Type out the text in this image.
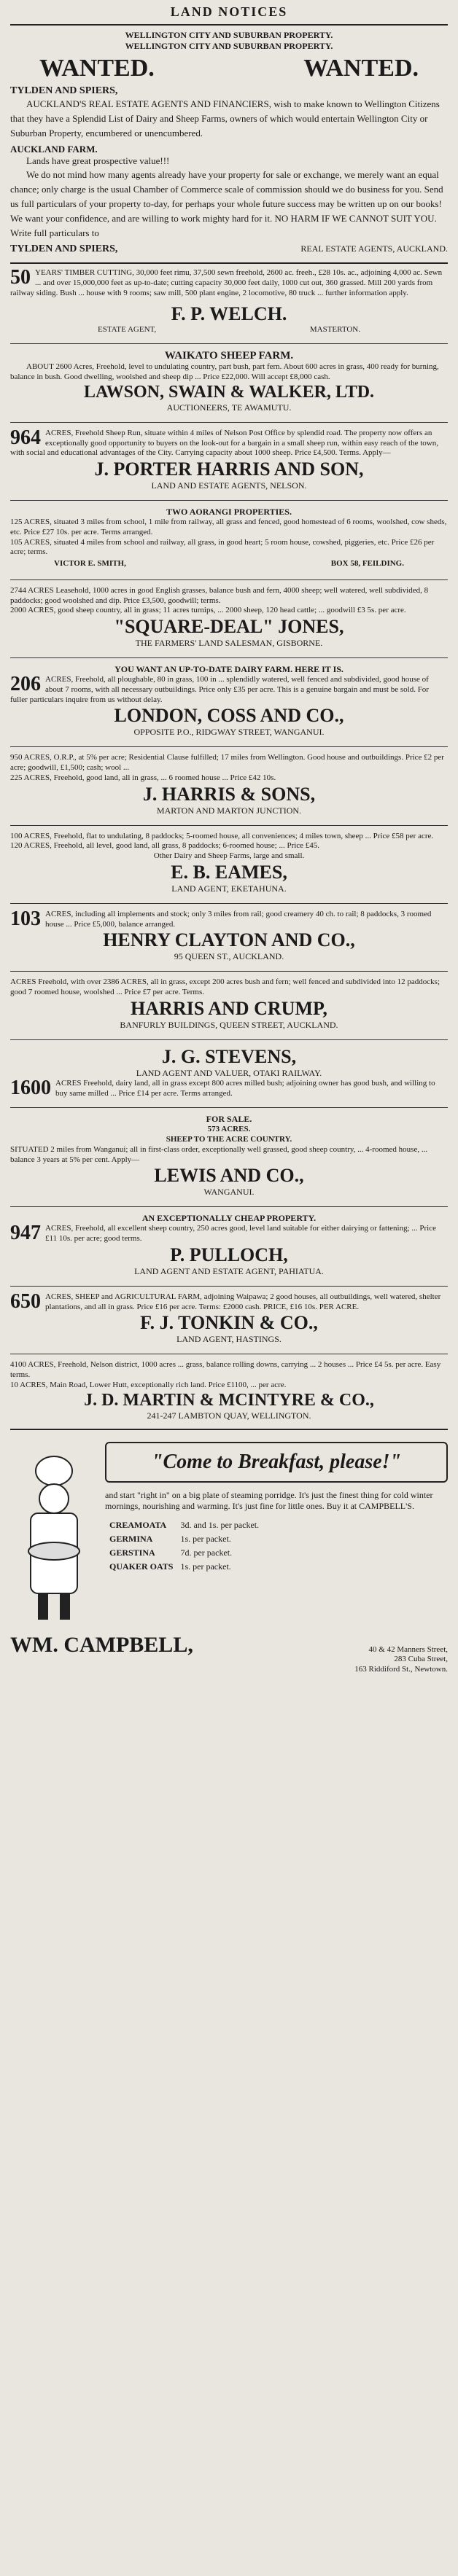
LAND NOTICES
WELLINGTON CITY AND SUBURBAN PROPERTY.
WELLINGTON CITY AND SUBURBAN PROPERTY.
WANTED.	WANTED.
TYLDEN AND SPIERS,
AUCKLAND'S REAL ESTATE AGENTS AND FINANCIERS, wish to make known to Wellington Citizens that they have a Splendid List of Dairy and Sheep Farms, owners of which would entertain Wellington City or Suburban Property, encumbered or unencumbered.
AUCKLAND FARM.
Lands have great prospective value!!!
We do not mind how many agents already have your property for sale or exchange, we merely want an equal chance; only charge is the usual Chamber of Commerce scale of commission should we do business for you. Send us full particulars of your property to-day, for perhaps your whole future success may be written up on our books! We want your confidence, and are willing to work mighty hard for it. NO HARM IF WE CANNOT SUIT YOU. Write full particulars to
TYLDEN AND SPIERS,	REAL ESTATE AGENTS, AUCKLAND.
50 YEARS' TIMBER CUTTING, 30,000 feet rimu, 37,500 sewn freehold, 2600 ac. freeh., £28 10s. ac., adjoining 4,000 ac. Sewn ... and over 15,000,000 feet as up-to-date; cutting capacity 30,000 feet daily, 1000 cut out, 360 grassed. Mill 200 yards from railway siding. Bush ... house with 9 rooms; saw mill, 500 plant engine, 2 locomotive, 80 truck ... further information apply.
F. P. WELCH.
ESTATE AGENT,	MASTERTON.
WAIKATO SHEEP FARM.
ABOUT 2600 Acres, Freehold, level to undulating country, part bush, part fern. About 600 acres in grass, 400 ready for burning, balance in bush. Good dwelling, woolshed and sheep dip ... Price £22,000. Will accept £8,000 cash.
LAWSON, SWAIN & WALKER, LTD.
AUCTIONEERS, TE AWAMUTU.
964 ACRES, Freehold Sheep Run, situate within 4 miles of Nelson Post Office by splendid road. The property now offers an exceptionally good opportunity to buyers on the look-out for a bargain in a small sheep run, within easy reach of the town, with social and educational advantages of the City. Carrying capacity about 1000 sheep. Price £4,500. Terms. Apply—
J. PORTER HARRIS AND SON,
LAND AND ESTATE AGENTS, NELSON.
TWO AORANGI PROPERTIES.
125 ACRES, situated 3 miles from school, 1 mile from railway, all grass and fenced, good homestead of 6 rooms, woolshed, cow sheds, etc. Price £27 10s. per acre. Terms arranged.
105 ACRES, situated 4 miles from school and railway, all grass, in good heart; 5 room house, cowshed, piggeries, etc. Price £26 per acre; terms.
VICTOR E. SMITH,	BOX 58, FEILDING.
2744 ACRES Leasehold, 1000 acres in good English grasses, balance bush and fern, 4000 sheep; well watered, well subdivided, 8 paddocks; good woolshed and dip. Price £3,500, goodwill; terms.
2000 ACRES, good sheep country, all in grass; 11 acres turnips, ... 2000 sheep, 120 head cattle; ... goodwill £3 5s. per acre.
"SQUARE-DEAL" JONES,
THE FARMERS' LAND SALESMAN, GISBORNE.
YOU WANT AN UP-TO-DATE DAIRY FARM. HERE IT IS.
206 ACRES, Freehold, all ploughable, 80 in grass, 100 in ... splendidly watered, well fenced and subdivided, good house of about 7 rooms, with all necessary outbuildings. Price only £35 per acre. This is a genuine bargain and must be sold. For fuller particulars inquire from us without delay.
LONDON, COSS AND CO.,
OPPOSITE P.O., RIDGWAY STREET, WANGANUI.
950 ACRES, O.R.P., at 5% per acre; Residential Clause fulfilled; 17 miles from Wellington. Good house and outbuildings. Price £2 per acre; goodwill, £1,500; cash; wool ...
225 ACRES, Freehold, good land, all in grass, ... 6 roomed house ... Price £42 10s.
J. HARRIS & SONS,
MARTON AND MARTON JUNCTION.
100 ACRES, Freehold, flat to undulating, 8 paddocks; 5-roomed house, all conveniences; 4 miles town, sheep ... Price £58 per acre.
120 ACRES, Freehold, all level, good land, all grass, 8 paddocks; 6-roomed house; ... Price £45.
Other Dairy and Sheep Farms, large and small.
E. B. EAMES,
LAND AGENT, EKETAHUNA.
103 ACRES, including all implements and stock; only 3 miles from rail; good creamery 40 ch. to rail; 8 paddocks, 3 roomed house ... Price £5,000, balance arranged.
HENRY CLAYTON AND CO.,
95 QUEEN ST., AUCKLAND.
ACRES Freehold, with over 2386 ACRES, all in grass, except 200 acres bush and fern; well fenced and subdivided into 12 paddocks; good 7 roomed house, woolshed ... Price £7 per acre. Terms.
HARRIS AND CRUMP,
BANFURLY BUILDINGS, QUEEN STREET, AUCKLAND.
J. G. STEVENS,
LAND AGENT AND VALUER, OTAKI RAILWAY.
1600 ACRES Freehold, dairy land, all in grass except 800 acres milled bush; adjoining owner has good bush, and willing to buy same milled ... Price £14 per acre. Terms arranged.
FOR SALE.
573 ACRES.
SHEEP TO THE ACRE COUNTRY.
SITUATED 2 miles from Wanganui; all in first-class order, exceptionally well grassed, good sheep country, ... 4-roomed house, ... balance 3 years at 5% per cent. Apply—
LEWIS AND CO.,
WANGANUI.
AN EXCEPTIONALLY CHEAP PROPERTY.
947 ACRES, Freehold, all excellent sheep country, 250 acres good, level land suitable for either dairying or fattening; ... Price £11 10s. per acre; good terms.
P. PULLOCH,
LAND AGENT AND ESTATE AGENT, PAHIATUA.
650 ACRES, SHEEP and AGRICULTURAL FARM, adjoining Waipawa; 2 good houses, all outbuildings, well watered, shelter plantations, and all in grass. Price £16 per acre. Terms: £2000 cash. PRICE, £16 10s. PER ACRE.
F. J. TONKIN & CO.,
LAND AGENT, HASTINGS.
4100 ACRES, Freehold, Nelson district, 1000 acres ... grass, balance rolling downs, carrying ... 2 houses ... Price £4 5s. per acre. Easy terms.
10 ACRES, Main Road, Lower Hutt, exceptionally rich land. Price £1100, ... per acre.
J. D. MARTIN & MCINTYRE & CO.,
241-247 LAMBTON QUAY, WELLINGTON.
"Come to Breakfast, please!"
and start "right in" on a big plate of steaming porridge. It's just the finest thing for cold winter mornings, nourishing and warming. It's just fine for little ones. Buy it at CAMPBELL'S.
CREAMOATA	3d. and 1s. per packet.
GERMINA	1s. per packet.
GERSTINA	7d. per packet.
QUAKER OATS	1s. per packet.
WM. CAMPBELL,	40 & 42 Manners Street,
283 Cuba Street,
163 Riddiford St., Newtown.
